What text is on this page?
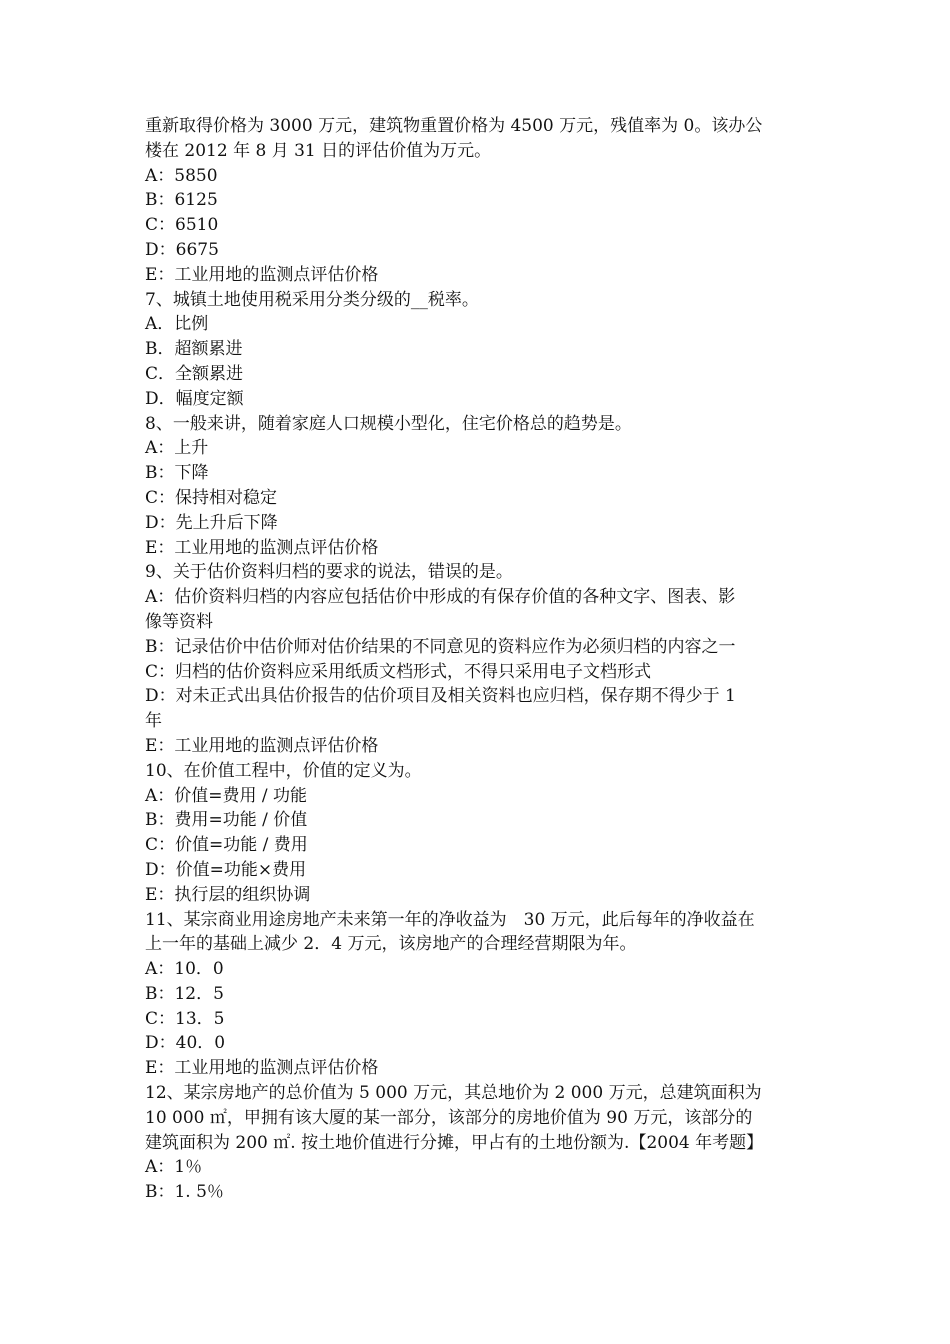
重新取得价格为 3000 万元，建筑物重置价格为 4500 万元，残值率为 0。该办公
楼在 2012 年 8 月 31 日的评估价值为万元。
A：5850
B：6125
C：6510
D：6675
E：工业用地的监测点评估价格
7、城镇土地使用税采用分类分级的__税率。
A．比例
B．超额累进
C．全额累进
D．幅度定额
8、一般来讲，随着家庭人口规模小型化，住宅价格总的趋势是。
A：上升
B：下降
C：保持相对稳定
D：先上升后下降
E：工业用地的监测点评估价格
9、关于估价资料归档的要求的说法，错误的是。
A：估价资料归档的内容应包括估价中形成的有保存价值的各种文字、图表、影
像等资料
B：记录估价中估价师对估价结果的不同意见的资料应作为必须归档的内容之一
C：归档的估价资料应采用纸质文档形式，不得只采用电子文档形式
D：对未正式出具估价报告的估价项目及相关资料也应归档，保存期不得少于 1
年
E：工业用地的监测点评估价格
10、在价值工程中，价值的定义为。
A：价值=费用 / 功能
B：费用=功能 / 价值
C：价值=功能 / 费用
D：价值=功能×费用
E：执行层的组织协调
11、某宗商业用途房地产未来第一年的净收益为　30 万元，此后每年的净收益在
上一年的基础上减少 2．4 万元，该房地产的合理经营期限为年。
A：10．0
B：12．5
C：13．5
D：40．0
E：工业用地的监测点评估价格
12、某宗房地产的总价值为 5 000 万元，其总地价为 2 000 万元，总建筑面积为
10 000 ㎡，甲拥有该大厦的某一部分，该部分的房地价值为 90 万元，该部分的
建筑面积为 200 ㎡. 按土地价值进行分摊，甲占有的土地份额为.【2004 年考题】
A：1％
B：1. 5％
